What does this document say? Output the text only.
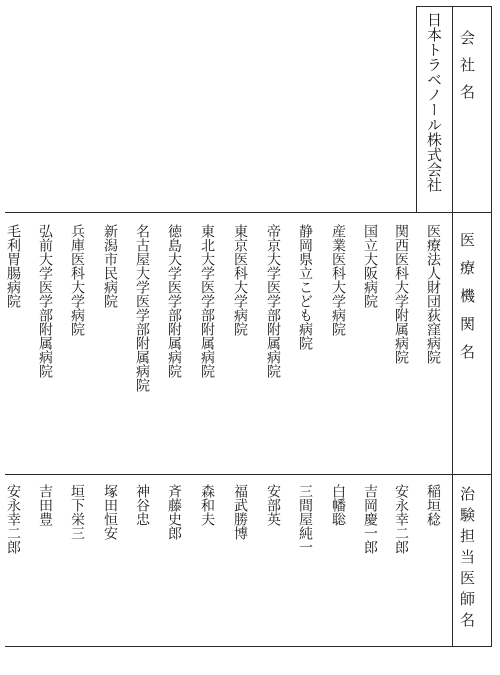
会社名
医療機関名
治験担当医師名
日本トラベノール株式会社
医療法人財団荻窪病院
関西医科大学附属病院
国立大阪病院
産業医科大学病院
静岡県立こども病院
帝京大学医学部附属病院
東京医科大学病院
東北大学医学部附属病院
徳島大学医学部附属病院
名古屋大学医学部附属病院
新潟市民病院
兵庫医科大学病院
弘前大学医学部附属病院
毛利胃腸病院
稲垣稔
安永幸二郎
吉岡慶一郎
白幡聡
三間屋純一
安部英
福武勝博
森和夫
斉藤史郎
神谷忠
塚田恒安
垣下栄三
吉田豊
安永幸二郎
